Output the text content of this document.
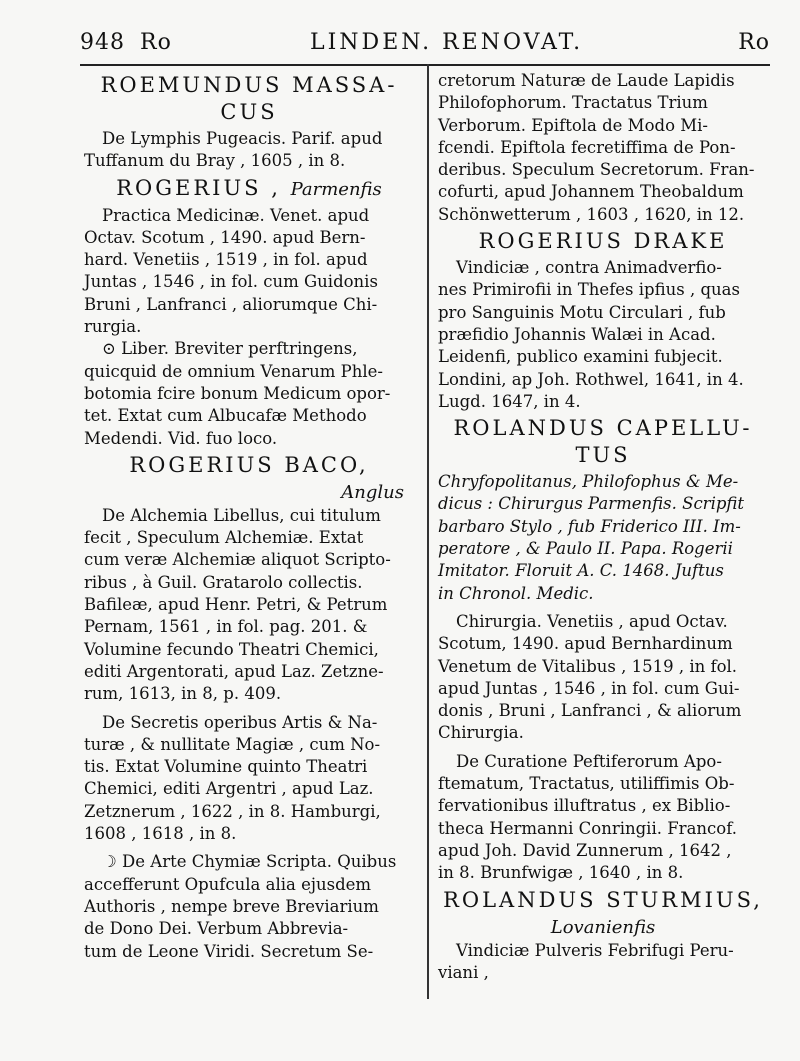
948 Ro	LINDEN. RENOVAT.	Ro
ROEMUNDUS MASSA-
CUS

De Lymphis Pugeacis. Parif. apud
Tuffanum du Bray , 1605 , in 8.

ROGERIUS , Parmenfis

Practica Medicinæ. Venet. apud
Octav. Scotum , 1490. apud Bern-
hard. Venetiis , 1519 , in fol. apud
Juntas , 1546 , in fol. cum Guidonis
Bruni , Lanfranci , aliorumque Chi-
rurgia.

⊙ Liber. Breviter perftringens,
quicquid de omnium Venarum Phle-
botomia fcire bonum Medicum opor-
tet. Extat cum Albucafæ Methodo
Medendi. Vid. fuo loco.

ROGERIUS BACO,
Anglus

De Alchemia Libellus, cui titulum
fecit , Speculum Alchemiæ. Extat
cum veræ Alchemiæ aliquot Scripto-
ribus , à Guil. Gratarolo collectis.
Bafileæ, apud Henr. Petri, & Petrum
Pernam, 1561 , in fol. pag. 201. &
Volumine fecundo Theatri Chemici,
editi Argentorati, apud Laz. Zetzne-
rum, 1613, in 8, p. 409.

De Secretis operibus Artis & Na-
turæ , & nullitate Magiæ , cum No-
tis. Extat Volumine quinto Theatri
Chemici, editi Argentri , apud Laz.
Zetznerum , 1622 , in 8. Hamburgi,
1608 , 1618 , in 8.

☽ De Arte Chymiæ Scripta. Quibus
accefferunt Opufcula alia ejusdem
Authoris , nempe breve Breviarium
de Dono Dei. Verbum Abbrevia-
tum de Leone Viridi. Secretum Se-

cretorum Naturæ de Laude Lapidis
Philofophorum. Tractatus Trium
Verborum. Epiftola de Modo Mi-
fcendi. Epiftola fecretiffima de Pon-
deribus. Speculum Secretorum. Fran-
cofurti, apud Johannem Theobaldum
Schönwetterum , 1603 , 1620, in 12.

ROGERIUS DRAKE

Vindiciæ , contra Animadverfio-
nes Primirofii in Thefes ipfius , quas
pro Sanguinis Motu Circulari , fub
præfidio Johannis Walæi in Acad.
Leidenfi, publico examini fubjecit.
Londini, ap Joh. Rothwel, 1641, in 4.
Lugd. 1647, in 4.

ROLANDUS CAPELLU-
TUS

Chryfopolitanus, Philofophus & Me-
dicus : Chirurgus Parmenfis. Scripfit
barbaro Stylo , fub Friderico III. Im-
peratore , & Paulo II. Papa. Rogerii
Imitator. Floruit A. C. 1468. Juftus
in Chronol. Medic.

Chirurgia. Venetiis , apud Octav.
Scotum, 1490. apud Bernhardinum
Venetum de Vitalibus , 1519 , in fol.
apud Juntas , 1546 , in fol. cum Gui-
donis , Bruni , Lanfranci , & aliorum
Chirurgia.

De Curatione Peftiferorum Apo-
ftematum, Tractatus, utiliffimis Ob-
fervationibus illuftratus , ex Biblio-
theca Hermanni Conringii. Francof.
apud Joh. David Zunnerum , 1642 ,
in 8. Brunfwigæ , 1640 , in 8.

ROLANDUS STURMIUS,
Lovanienfis

Vindiciæ Pulveris Febrifugi Peru-
viani ,
